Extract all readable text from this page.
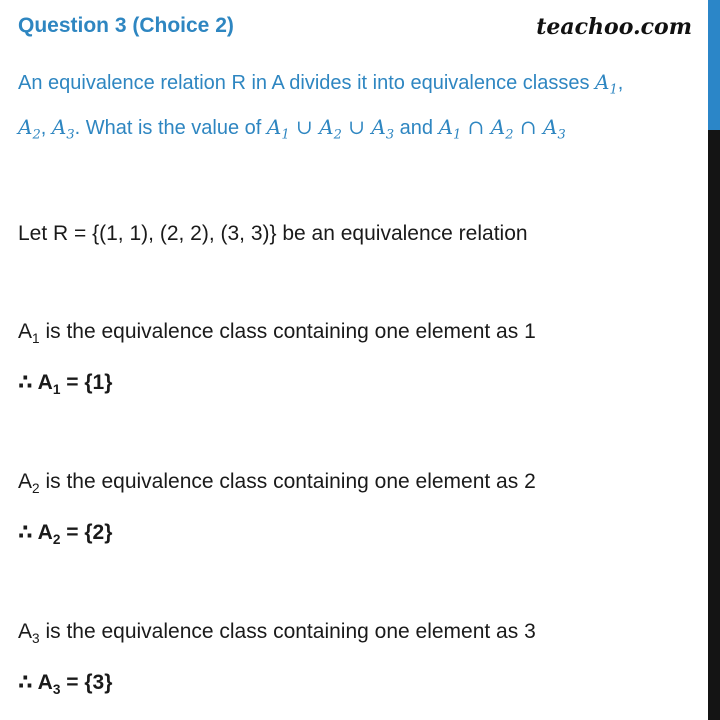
Question 3 (Choice 2)	teachoo.com
An equivalence relation R in A divides it into equivalence classes $A_1$,
$A_2$, $A_3$. What is the value of $A_1$ ∪ $A_2$ ∪ $A_3$ and $A_1$ ∩ $A_2$ ∩ $A_3$
Let R = {(1, 1), (2, 2), (3, 3)} be an equivalence relation
$A_1$ is the equivalence class containing one element as 1
∴ $A_1 = \{1\}$
$A_2$ is the equivalence class containing one element as 2
∴ $A_2 = \{2\}$
$A_3$ is the equivalence class containing one element as 3
∴ $A_3 = \{3\}$
